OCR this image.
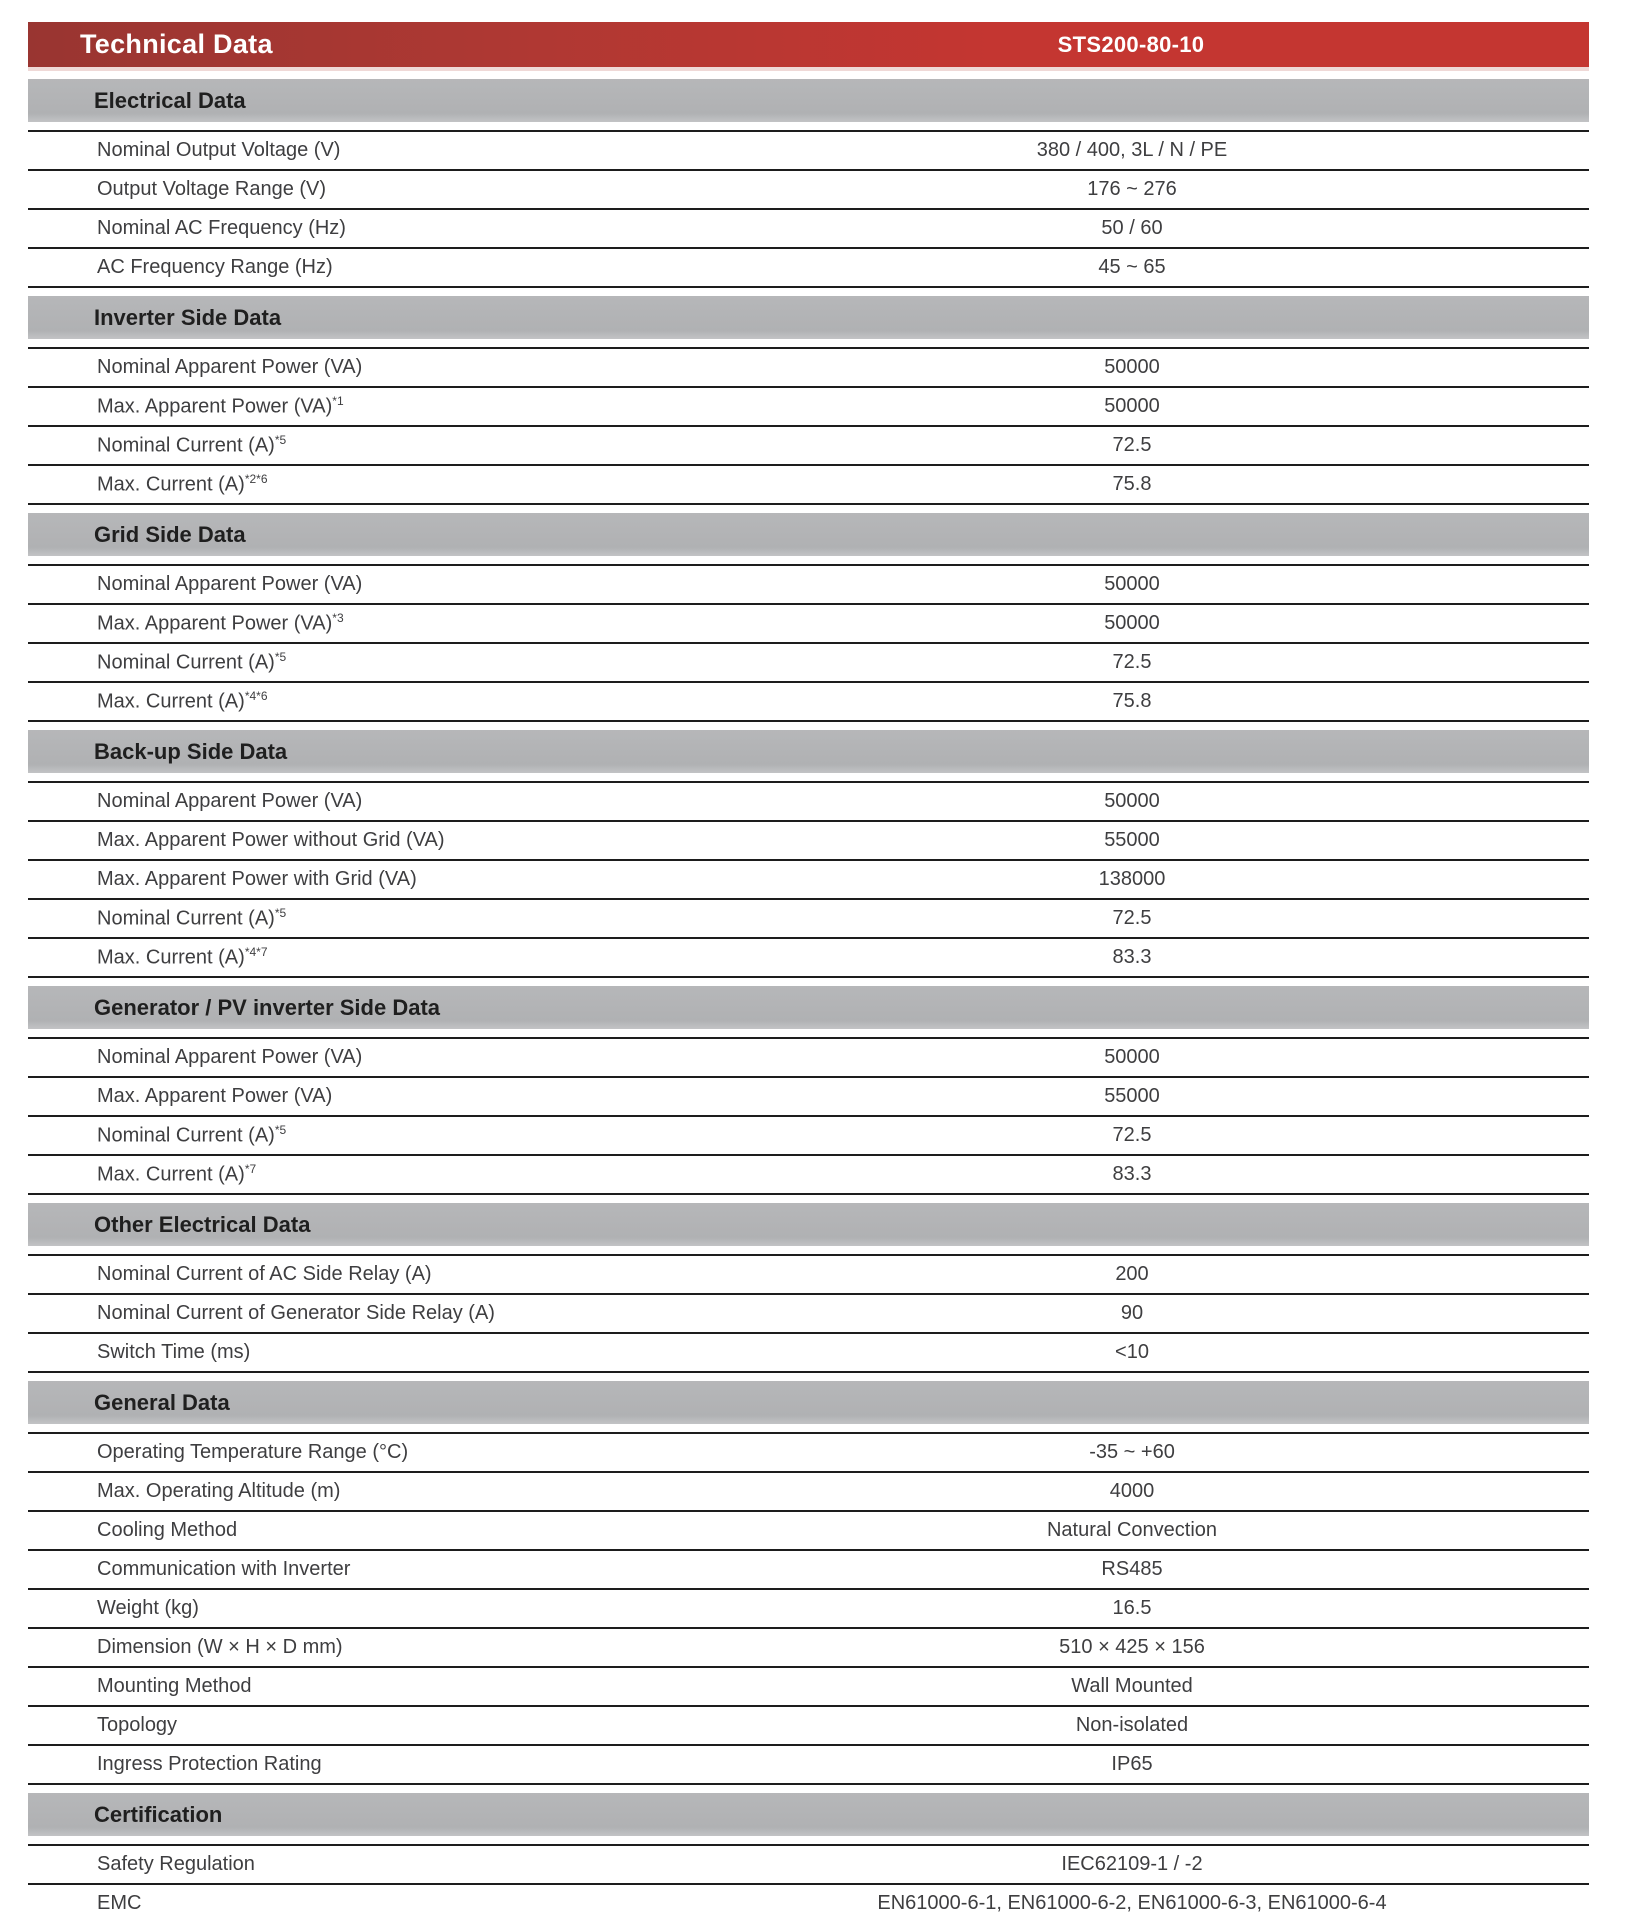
Technical Data	STS200-80-10
Electrical Data
Nominal Output Voltage (V)	380 / 400, 3L / N / PE
Output Voltage Range (V)	176 ~ 276
Nominal AC Frequency (Hz)	50 / 60
AC Frequency Range (Hz)	45 ~ 65
Inverter Side Data
Nominal Apparent Power (VA)	50000
Max. Apparent Power (VA)$^{*1}$	50000
Nominal Current $(A)^{*5}$	72.5
Max. Current $(A)^{*2*6}$	75.8
Grid Side Data
Nominal Apparent Power (VA)	50000
Max. Apparent Power (VA)$^{*3}$	50000
Nominal Current $(A)^{*5}$	72.5
Max. Current $(A)^{*4*6}$	75.8
Back-up Side Data
Nominal Apparent Power (VA)	50000
Max. Apparent Power without Grid (VA)	55000
Max. Apparent Power with Grid (VA)	138000
Nominal Current $(A)^{*5}$	72.5
Max. Current $(A)^{*4*7}$	83.3
Generator / PV inverter Side Data
Nominal Apparent Power (VA)	50000
Max. Apparent Power (VA)	55000
Nominal Current $(A)^{*5}$	72.5
Max. Current $(A)^{*7}$	83.3
Other Electrical Data
Nominal Current of AC Side Relay (A)	200
Nominal Current of Generator Side Relay (A)	90
Switch Time (ms)	<10
General Data
Operating Temperature Range (°C)	-35 ~ +60
Max. Operating Altitude (m)	4000
Cooling Method	Natural Convection
Communication with Inverter	RS485
Weight (kg)	16.5
Dimension (W × H × D mm)	510 × 425 × 156
Mounting Method	Wall Mounted
Topology	Non-isolated
Ingress Protection Rating	IP65
Certification
Safety Regulation	IEC62109-1 / -2
EMC	EN61000-6-1, EN61000-6-2, EN61000-6-3, EN61000-6-4
